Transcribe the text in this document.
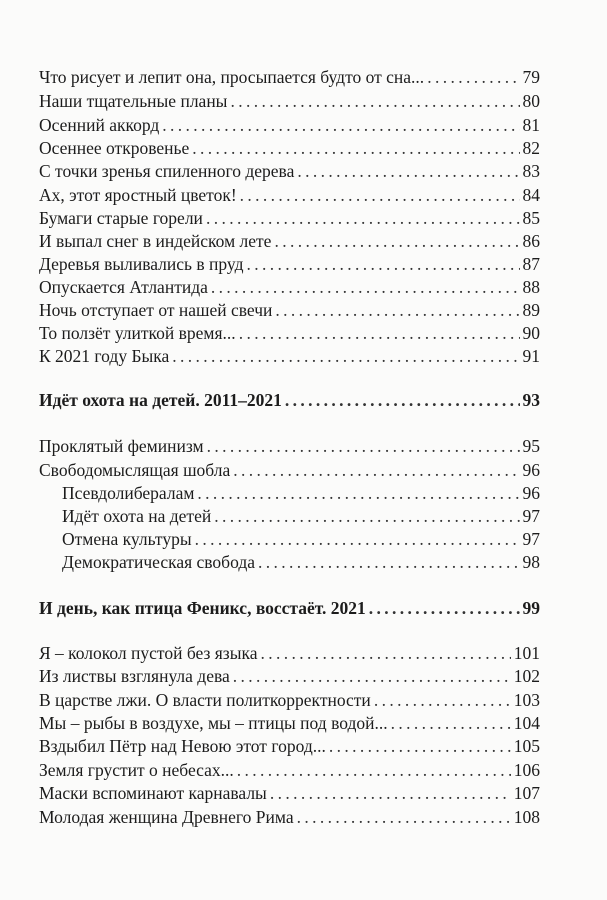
Что рисует и лепит она, просыпается будто от сна... . . .	79
Наши тщательные планы . . .	80
Осенний аккорд . . .	81
Осеннее откровенье . . .	82
С точки зренья спиленного дерева . . .	83
Ах, этот яростный цветок! . . .	84
Бумаги старые горели . . .	85
И выпал снег в индейском лете . . .	86
Деревья выливались в пруд . . .	87
Опускается Атлантида . . .	88
Ночь отступает от нашей свечи . . .	89
То ползёт улиткой время... . . .	90
К 2021 году Быка . . .	91
Идёт охота на детей. 2011–2021 . . .	93
Проклятый феминизм . . .	95
Свободомыслящая шобла . . .	96
Псевдолибералам . . .	96
Идёт охота на детей . . .	97
Отмена культуры . . .	97
Демократическая свобода . . .	98
И день, как птица Феникс, восстаёт. 2021 . . .	99
Я – колокол пустой без языка . . .	101
Из листвы взглянула дева . . .	102
В царстве лжи. О власти политкорректности . . .	103
Мы – рыбы в воздухе, мы – птицы под водой... . . .	104
Вздыбил Пётр над Невою этот город... . . .	105
Земля грустит о небесах... . . .	106
Маски вспоминают карнавалы . . .	107
Молодая женщина Древнего Рима . . .	108
